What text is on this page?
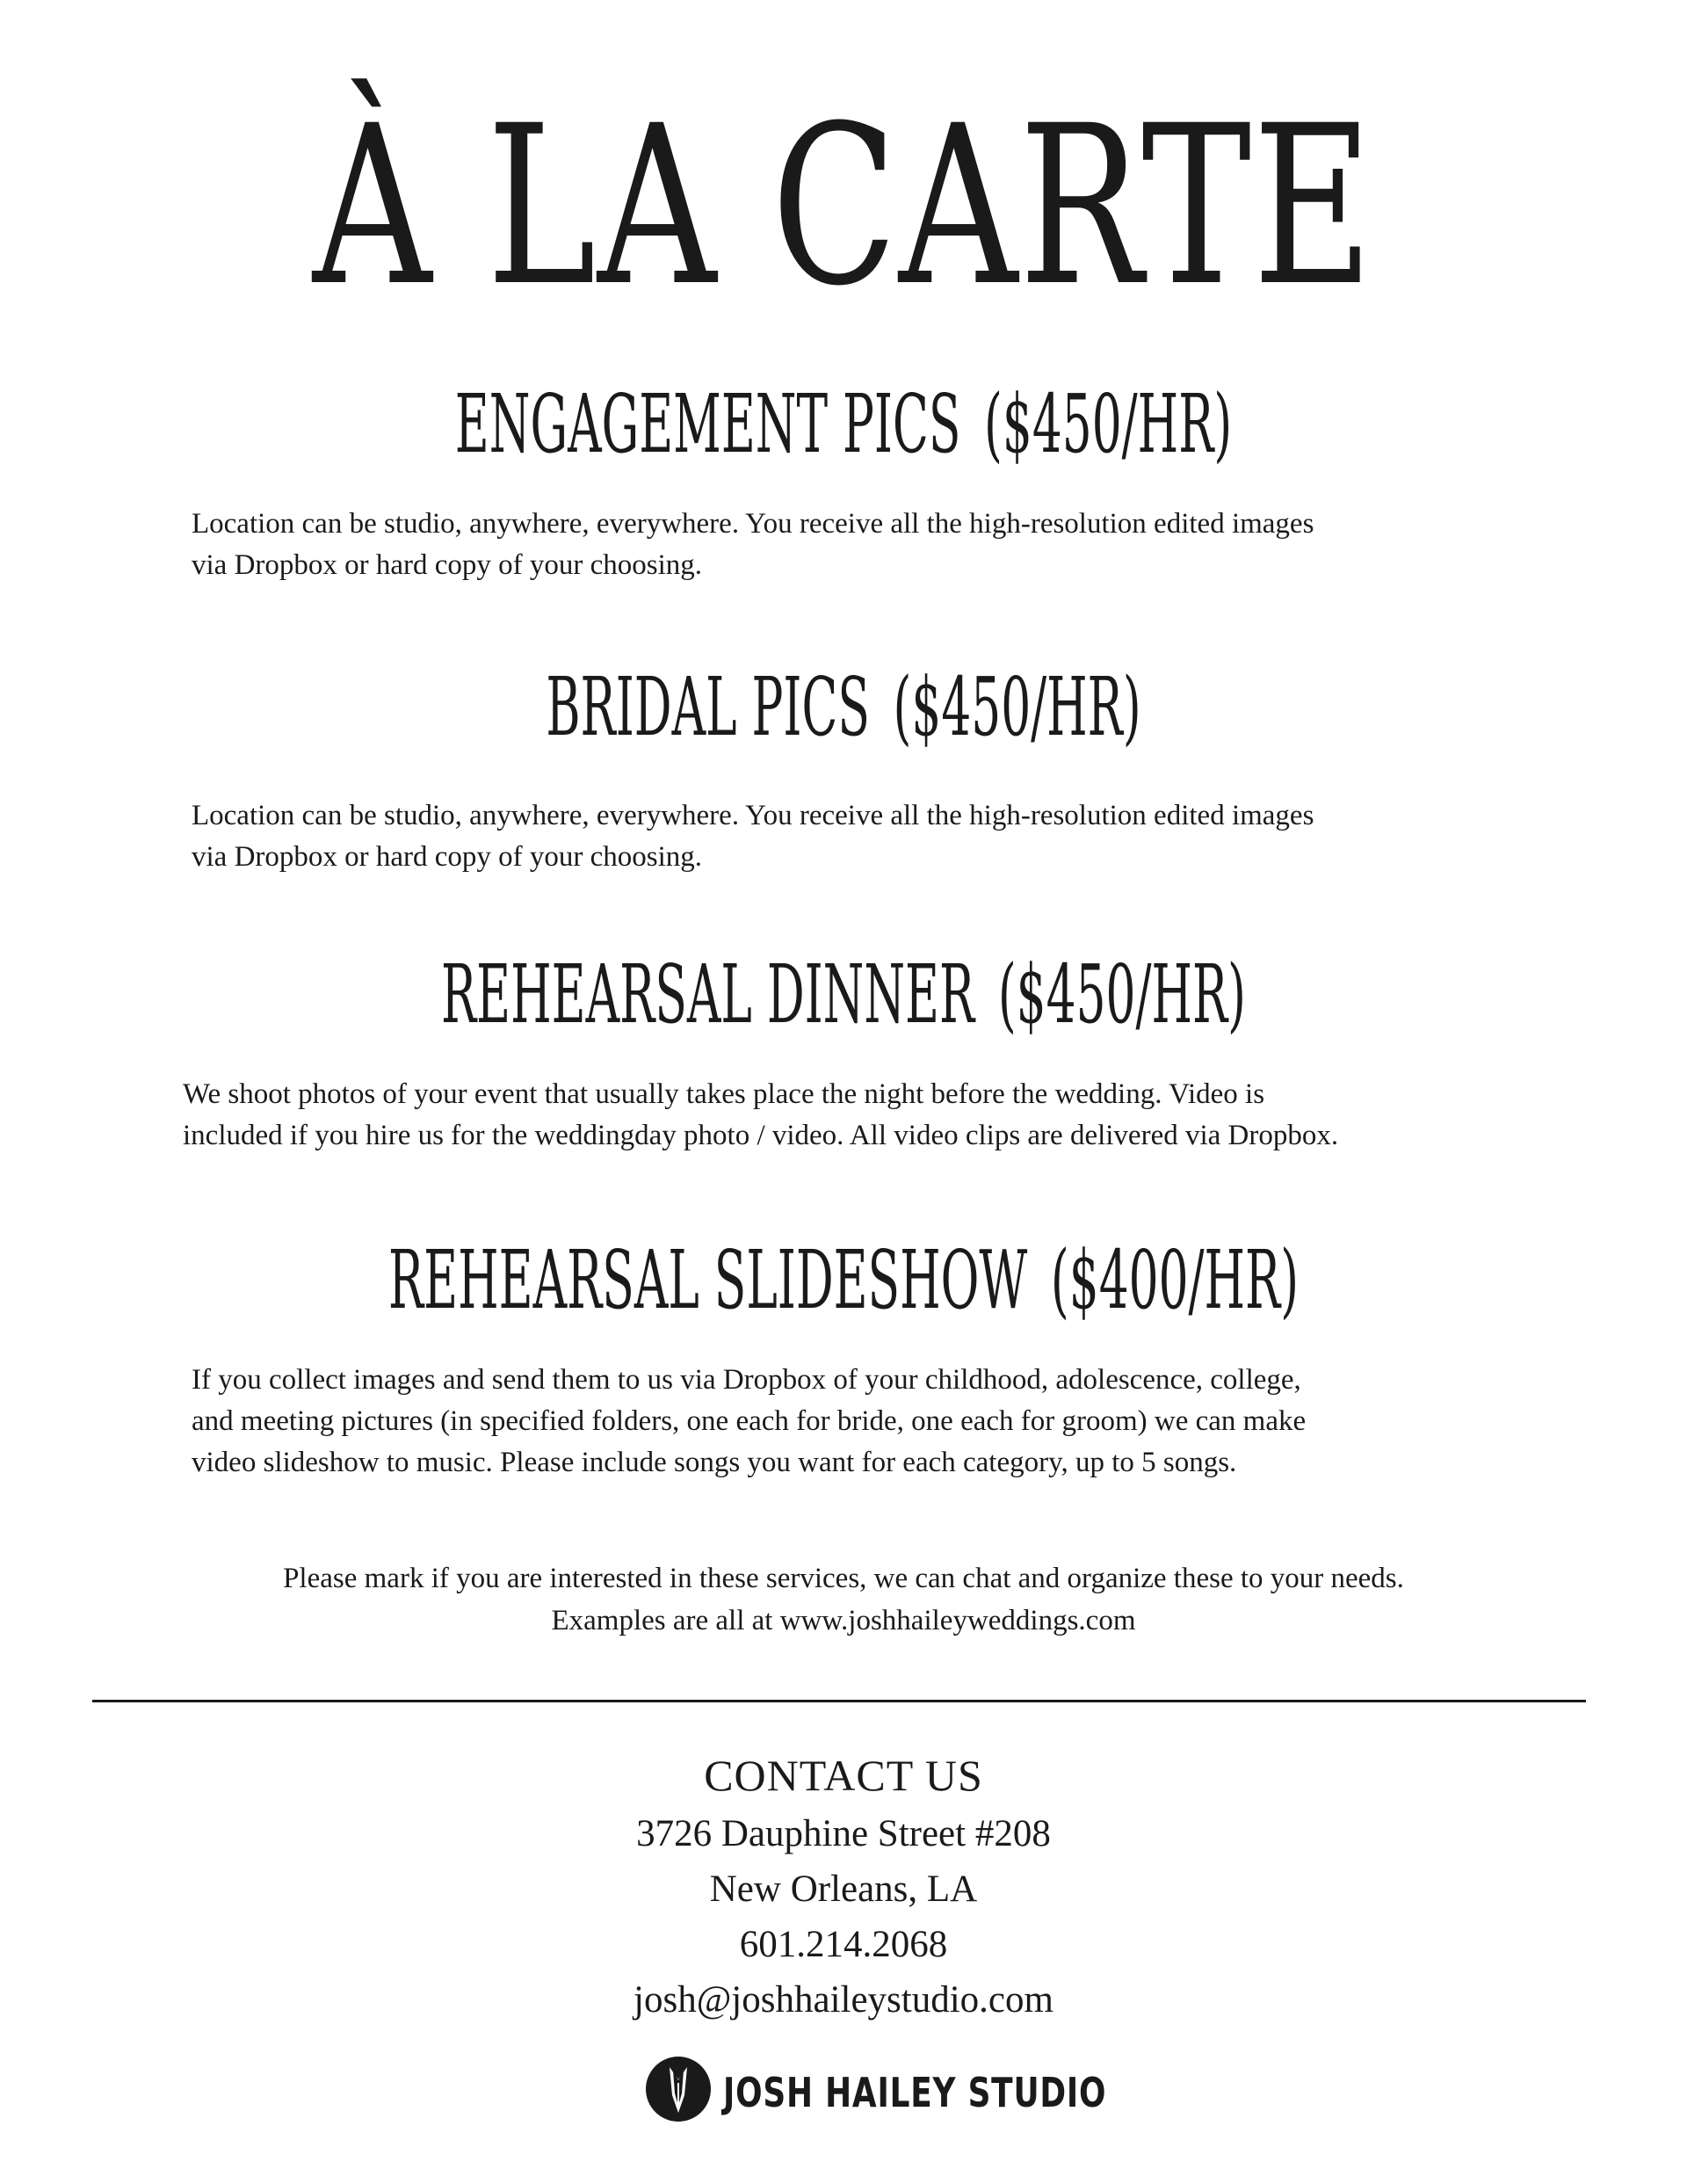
À LA CARTE
ENGAGEMENT PICS ($450/HR)
Location can be studio, anywhere, everywhere. You receive all the high-resolution edited images
via Dropbox or hard copy of your choosing.
BRIDAL PICS ($450/HR)
Location can be studio, anywhere, everywhere. You receive all the high-resolution edited images
via Dropbox or hard copy of your choosing.
REHEARSAL DINNER ($450/HR)
We shoot photos of your event that usually takes place the night before the wedding. Video is
included if you hire us for the weddingday photo / video. All video clips are delivered via Dropbox.
REHEARSAL SLIDESHOW ($400/HR)
If you collect images and send them to us via Dropbox of your childhood, adolescence, college,
and meeting pictures (in specified folders, one each for bride, one each for groom) we can make
video slideshow to music. Please include songs you want for each category, up to 5 songs.
Please mark if you are interested in these services, we can chat and organize these to your needs.
Examples are all at www.joshhaileyweddings.com
CONTACT US
3726 Dauphine Street #208
New Orleans, LA
601.214.2068
josh@joshhaileystudio.com
JOSH HAILEY STUDIO
